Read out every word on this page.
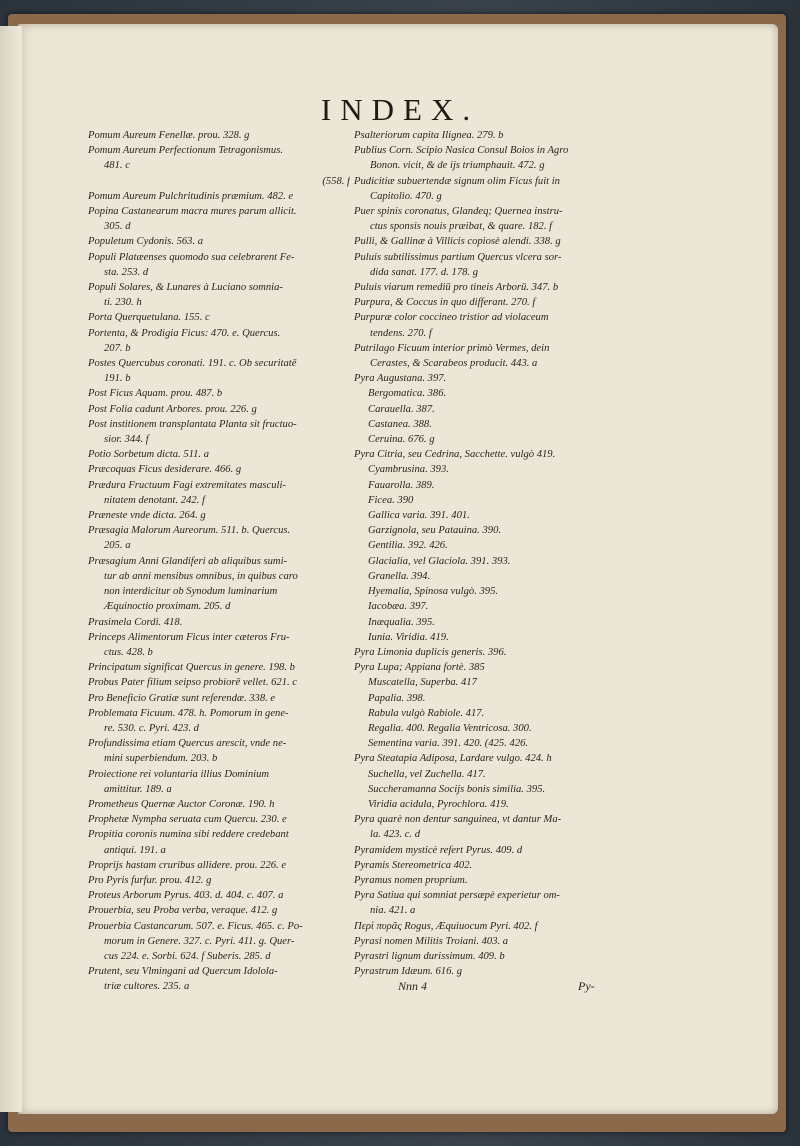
INDEX.
Pomum Aureum Fenellæ. prou. 328. g
Pomum Aureum Perfectionum Tetragonismus.
481. c
(558. f
Pomum Aureum Pulchritudinis præmium. 482. e
Popina Castanearum macra mures parum allicit.
305. d
Populetum Cydonis. 563. a
Populi Platæenses quomodo sua celebrarent Fe-
sta. 253. d
Populi Solares, & Lunares à Luciano somnia-
ti. 230. h
Porta Querquetulana. 155. c
Portenta, & Prodigia Ficus: 470. e. Quercus.
207. b
Postes Quercubus coronati. 191. c. Ob securitatē
191. b
Post Ficus Aquam. prou. 487. b
Post Folia cadunt Arbores. prou. 226. g
Post institionem transplantata Planta sit fructuo-
sior. 344. f
Potio Sorbetum dicta. 511. a
Præcoquas Ficus desiderare. 466. g
Prædura Fructuum Fagi extremitates masculi-
nitatem denotant. 242. f
Præneste vnde dicta. 264. g
Præsagia Malorum Aureorum. 511. b. Quercus.
205. a
Præsagium Anni Glandiferi ab aliquibus sumi-
tur ab anni mensibus omnibus, in quibus caro
non interdicitur ob Synodum luminarium
Æquinoctio proximam. 205. d
Prasimela Cordi. 418.
Princeps Alimentorum Ficus inter cæteros Fru-
ctus. 428. b
Principatum significat Quercus in genere. 198. b
Probus Pater filium seipso probiorē vellet. 621. c
Pro Beneficio Gratiæ sunt referendæ. 338. e
Problemata Ficuum. 478. h. Pomorum in gene-
re. 530. c. Pyri. 423. d
Profundissima etiam Quercus arescit, vnde ne-
mini superbiendum. 203. b
Proiectione rei voluntaria illius Dominium
amittitur. 189. a
Prometheus Quernæ Auctor Coronæ. 190. h
Prophetæ Nympha seruata cum Quercu. 230. e
Propitia coronis numina sibi reddere credebant
antiqui. 191. a
Proprijs hastam cruribus allidere. prou. 226. e
Pro Pyris furfur. prou. 412. g
Proteus Arborum Pyrus. 403. d. 404. c. 407. a
Prouerbia, seu Proba verba, veraque. 412. g
Prouerbia Castancarum. 507. e. Ficus. 465. c. Po-
morum in Genere. 327. c. Pyri. 411. g. Quer-
cus 224. e. Sorbi. 624. f Suberis. 285. d
Prutent, seu Vlmingani ad Quercum Idolola-
triæ cultores. 235. a
Psalteriorum capita Ilignea. 279. b
Publius Corn. Scipio Nasica Consul Boios in Agro
Bonon. vicit, & de ijs triumphauit. 472. g
Pudicitiæ subuertendæ signum olim Ficus fuit in
Capitolio. 470. g
Puer spinis coronatus, Glandeq; Quernea instru-
ctus sponsis nouis præibat, & quare. 182. f
Pulli, & Gallinæ à Villicis copiosè alendi. 338. g
Puluis subtilissimus partium Quercus vlcera sor-
dida sanat. 177. d. 178. g
Puluis viarum remediū pro tineis Arborū. 347. b
Purpura, & Coccus in quo differant. 270. f
Purpuræ color coccineo tristior ad violaceum
tendens. 270. f
Putrilago Ficuum interior primò Vermes, dein
Cerastes, & Scarabeos producit. 443. a
Pyra Augustana. 397.
Bergomatica. 386.
Carauella. 387.
Castanea. 388.
Ceruina. 676. g
Pyra Citria, seu Cedrina, Sacchette. vulgò 419.
Cyambrusina. 393.
Fauarolla. 389.
Ficea. 390
Gallica varia. 391. 401.
Garzignola, seu Patauina. 390.
Gentilia. 392. 426.
Glacialia, vel Glaciola. 391. 393.
Granella. 394.
Hyemalia, Spinosa vulgò. 395.
Iacobæa. 397.
Inæqualia. 395.
Iunia. Viridia. 419.
Pyra Limonia duplicis generis. 396.
Pyra Lupa; Appiana fortè. 385
Muscatella, Superba. 417
Papalia. 398.
Rabula vulgò Rabiole. 417.
Regalia. 400. Regalia Ventricosa. 300.
Sementina varia. 391. 420. (425. 426.
Pyra Steatapia Adiposa, Lardare vulgo. 424. h
Suchella, vel Zuchella. 417.
Succheramanna Socijs bonis similia. 395.
Viridia acidula, Pyrochlora. 419.
Pyra quarè non dentur sanguinea, vt dantur Ma-
la. 423. c. d
Pyramidem mysticè refert Pyrus. 409. d
Pyramis Stereometrica 402.
Pyramus nomen proprium.
Pyra Satiua qui somniat persæpè experietur om-
nia. 421. a
Περὶ πυρᾶς Rogus, Æquiuocum Pyri. 402. f
Pyrasi nomen Militis Troiani. 403. a
Pyrastri lignum durissimum. 409. b
Pyrastrum Idæum. 616. g
Nnn 4	Py-
